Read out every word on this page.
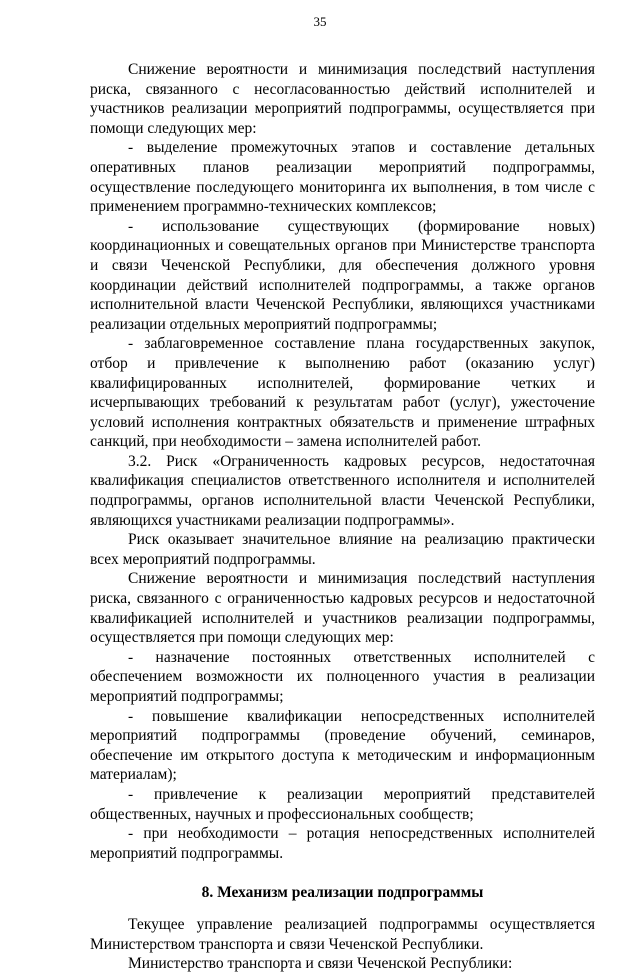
35

Снижение вероятности и минимизация последствий наступления риска, связанного с несогласованностью действий исполнителей и участников реализации мероприятий подпрограммы, осуществляется при помощи следующих мер:

- выделение промежуточных этапов и составление детальных оперативных планов реализации мероприятий подпрограммы, осуществление последующего мониторинга их выполнения, в том числе с применением программно-технических комплексов;

- использование существующих (формирование новых) координационных и совещательных органов при Министерстве транспорта и связи Чеченской Республики, для обеспечения должного уровня координации действий исполнителей подпрограммы, а также органов исполнительной власти Чеченской Республики, являющихся участниками реализации отдельных мероприятий подпрограммы;

- заблаговременное составление плана государственных закупок, отбор и привлечение к выполнению работ (оказанию услуг) квалифицированных исполнителей, формирование четких и исчерпывающих требований к результатам работ (услуг), ужесточение условий исполнения контрактных обязательств и применение штрафных санкций, при необходимости – замена исполнителей работ.

3.2. Риск «Ограниченность кадровых ресурсов, недостаточная квалификация специалистов ответственного исполнителя и исполнителей подпрограммы, органов исполнительной власти Чеченской Республики, являющихся участниками реализации подпрограммы».

Риск оказывает значительное влияние на реализацию практически всех мероприятий подпрограммы.

Снижение вероятности и минимизация последствий наступления риска, связанного с ограниченностью кадровых ресурсов и недостаточной квалификацией исполнителей и участников реализации подпрограммы, осуществляется при помощи следующих мер:

- назначение постоянных ответственных исполнителей с обеспечением возможности их полноценного участия в реализации мероприятий подпрограммы;

- повышение квалификации непосредственных исполнителей мероприятий подпрограммы (проведение обучений, семинаров, обеспечение им открытого доступа к методическим и информационным материалам);

- привлечение к реализации мероприятий представителей общественных, научных и профессиональных сообществ;

- при необходимости – ротация непосредственных исполнителей мероприятий подпрограммы.

8. Механизм реализации подпрограммы

Текущее управление реализацией подпрограммы осуществляется Министерством транспорта и связи Чеченской Республики.

Министерство транспорта и связи Чеченской Республики:
